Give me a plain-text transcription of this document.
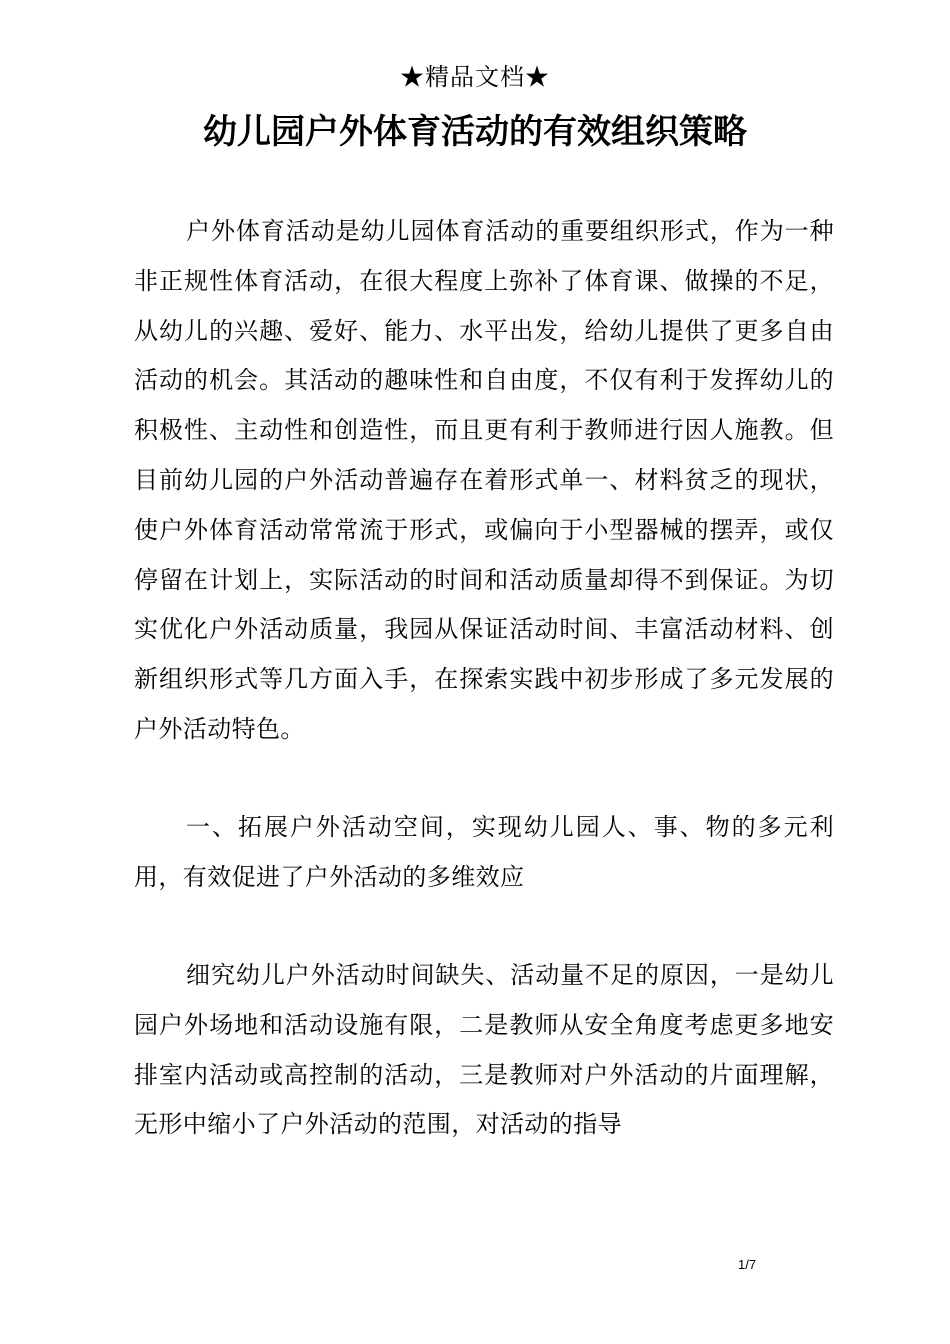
★精品文档★
幼儿园户外体育活动的有效组织策略

户外体育活动是幼儿园体育活动的重要组织形式，作为一种非正规性体育活动，在很大程度上弥补了体育课、做操的不足，从幼儿的兴趣、爱好、能力、水平出发，给幼儿提供了更多自由活动的机会。其活动的趣味性和自由度，不仅有利于发挥幼儿的积极性、主动性和创造性，而且更有利于教师进行因人施教。但目前幼儿园的户外活动普遍存在着形式单一、材料贫乏的现状，使户外体育活动常常流于形式，或偏向于小型器械的摆弄，或仅停留在计划上，实际活动的时间和活动质量却得不到保证。为切实优化户外活动质量，我园从保证活动时间、丰富活动材料、创新组织形式等几方面入手，在探索实践中初步形成了多元发展的户外活动特色。

一、拓展户外活动空间，实现幼儿园人、事、物的多元利用，有效促进了户外活动的多维效应

细究幼儿户外活动时间缺失、活动量不足的原因，一是幼儿园户外场地和活动设施有限，二是教师从安全角度考虑更多地安排室内活动或高控制的活动，三是教师对户外活动的片面理解，无形中缩小了户外活动的范围，对活动的指导

1/7
